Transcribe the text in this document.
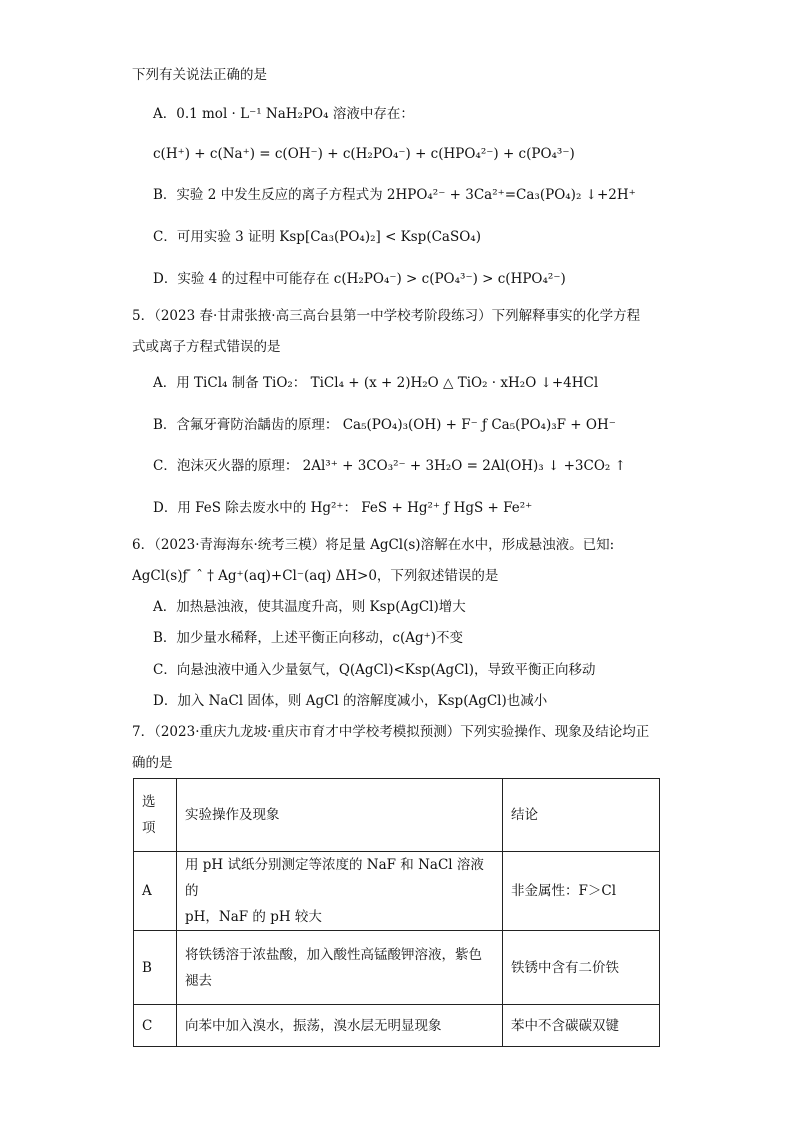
下列有关说法正确的是
A．0.1 mol · L⁻¹ NaH₂PO₄ 溶液中存在：
c(H⁺) + c(Na⁺) = c(OH⁻) + c(H₂PO₄⁻) + c(HPO₄²⁻) + c(PO₄³⁻)
B．实验 2 中发生反应的离子方程式为 2HPO₄²⁻ + 3Ca²⁺=Ca₃(PO₄)₂ ↓+2H⁺
C．可用实验 3 证明 Ksp[Ca₃(PO₄)₂] < Ksp(CaSO₄)
D．实验 4 的过程中可能存在 c(H₂PO₄⁻) > c(PO₄³⁻) > c(HPO₄²⁻)
5．（2023 春·甘肃张掖·高三高台县第一中学校考阶段练习）下列解释事实的化学方程
式或离子方程式错误的是
A．用 TiCl₄ 制备 TiO₂： TiCl₄ + (x + 2)H₂O △ TiO₂ · xH₂O ↓+4HCl
B．含氟牙膏防治龋齿的原理： Ca₅(PO₄)₃(OH) + F⁻ ƒ Ca₅(PO₄)₃F + OH⁻
C．泡沫灭火器的原理： 2Al³⁺ + 3CO₃²⁻ + 3H₂O = 2Al(OH)₃ ↓ +3CO₂ ↑
D．用 FeS 除去废水中的 Hg²⁺： FeS + Hg²⁺ ƒ HgS + Fe²⁺
6．（2023·青海海东·统考三模）将足量 AgCl(s)溶解在水中，形成悬浊液。已知:
AgCl(s)ƒ ̄ ˆ † Ag⁺(aq)+Cl⁻(aq) ΔH>0，下列叙述错误的是
A．加热悬浊液，使其温度升高，则 Ksp(AgCl)增大
B．加少量水稀释，上述平衡正向移动，c(Ag⁺)不变
C．向悬浊液中通入少量氨气，Q(AgCl)<Ksp(AgCl)，导致平衡正向移动
D．加入 NaCl 固体，则 AgCl 的溶解度减小，Ksp(AgCl)也减小
7．（2023·重庆九龙坡·重庆市育才中学校考模拟预测）下列实验操作、现象及结论均正
确的是
选
项	实验操作及现象	结论
A	用 pH 试纸分别测定等浓度的 NaF 和 NaCl 溶液的
pH，NaF 的 pH 较大	非金属性：F＞Cl
B	将铁锈溶于浓盐酸，加入酸性高锰酸钾溶液，紫色
褪去	铁锈中含有二价铁
C	向苯中加入溴水，振荡，溴水层无明显现象	苯中不含碳碳双键
